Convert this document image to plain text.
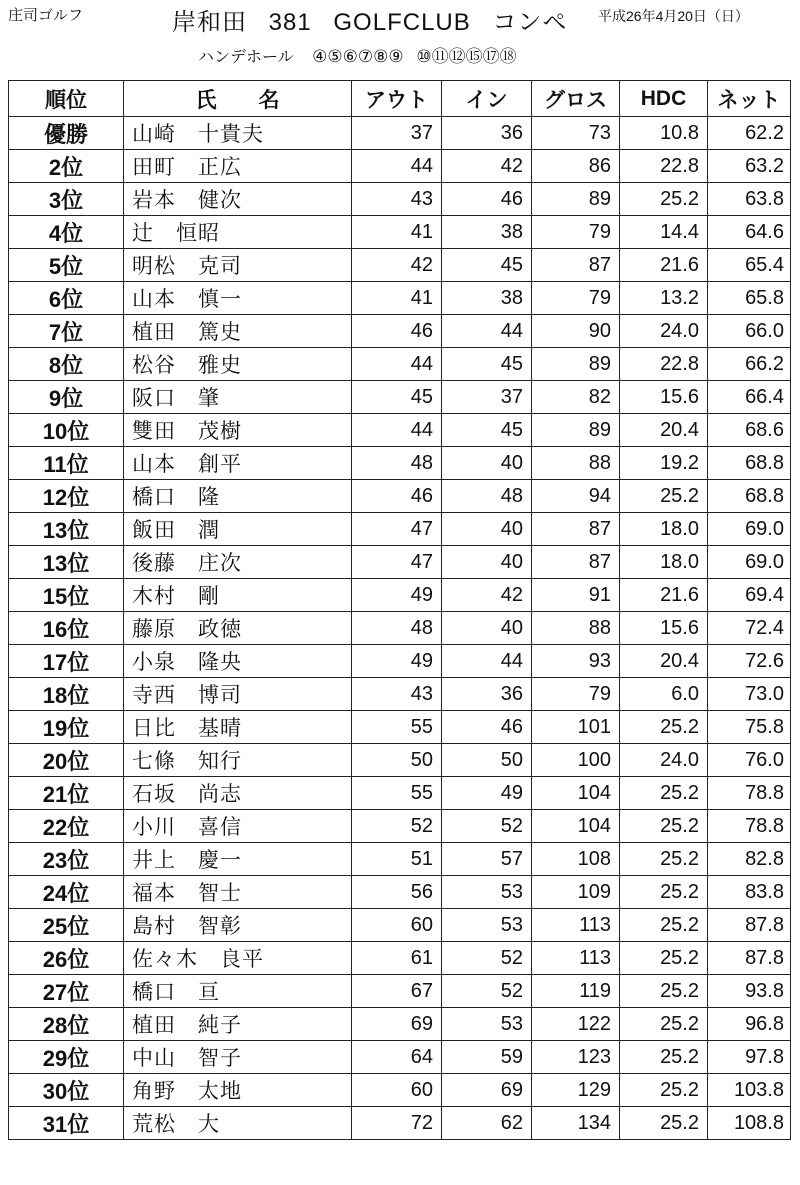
庄司ゴルフ	岸和田 381 GOLFCLUB コンペ 平成26年4月20日（日）
ハンデホール ④⑤⑥⑦⑧⑨ ⑩⑪⑫⑮⑰⑱
順位	氏　　名	アウト	イン	グロス	HDC	ネット
優勝	山崎　十貴夫	37	36	73	10.8	62.2
2位	田町　正広	44	42	86	22.8	63.2
3位	岩本　健次	43	46	89	25.2	63.8
4位	辻　恒昭	41	38	79	14.4	64.6
5位	明松　克司	42	45	87	21.6	65.4
6位	山本　慎一	41	38	79	13.2	65.8
7位	植田　篤史	46	44	90	24.0	66.0
8位	松谷　雅史	44	45	89	22.8	66.2
9位	阪口　肇	45	37	82	15.6	66.4
10位	雙田　茂樹	44	45	89	20.4	68.6
11位	山本　創平	48	40	88	19.2	68.8
12位	橋口　隆	46	48	94	25.2	68.8
13位	飯田　潤	47	40	87	18.0	69.0
13位	後藤　庄次	47	40	87	18.0	69.0
15位	木村　剛	49	42	91	21.6	69.4
16位	藤原　政徳	48	40	88	15.6	72.4
17位	小泉　隆央	49	44	93	20.4	72.6
18位	寺西　博司	43	36	79	6.0	73.0
19位	日比　基晴	55	46	101	25.2	75.8
20位	七條　知行	50	50	100	24.0	76.0
21位	石坂　尚志	55	49	104	25.2	78.8
22位	小川　喜信	52	52	104	25.2	78.8
23位	井上　慶一	51	57	108	25.2	82.8
24位	福本　智士	56	53	109	25.2	83.8
25位	島村　智彰	60	53	113	25.2	87.8
26位	佐々木　良平	61	52	113	25.2	87.8
27位	橋口　亘	67	52	119	25.2	93.8
28位	植田　純子	69	53	122	25.2	96.8
29位	中山　智子	64	59	123	25.2	97.8
30位	角野　太地	60	69	129	25.2	103.8
31位	荒松　大	72	62	134	25.2	108.8
